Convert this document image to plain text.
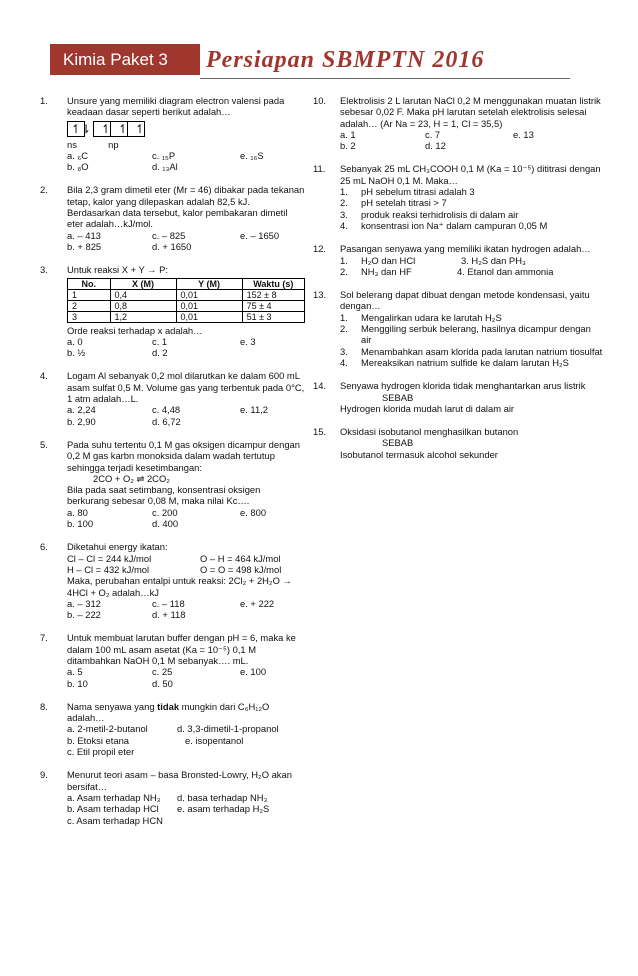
Kimia Paket 3 Persiapan SBMPTN 2016
1. Unsure yang memiliki diagram electron valensi pada keadaan dasar seperti berikut adalah…
↿⇂ ↿ ↿ ↿
ns            np
a. ₆C	c. ₁₅P	e. ₁₆S
b. ₈O	d. ₁₃Al
2. Bila 2,3 gram dimetil eter (Mr = 46) dibakar pada tekanan tetap, kalor yang dilepaskan adalah 82,5 kJ. Berdasarkan data tersebut, kalor pembakaran dimetil eter adalah…kJ/mol.
a. – 413	c. – 825	e. – 1650
b. + 825	d. + 1650
3. Untuk reaksi X + Y → P:
No.	X (M)	Y (M)	Waktu (s)
1	0,4	0,01	152 ± 8
2	0,8	0,01	75 ± 4
3	1,2	0,01	51 ± 3
Orde reaksi terhadap x adalah…
a. 0	c. 1	e. 3
b. ½	d. 2
4. Logam Al sebanyak 0,2 mol dilarutkan ke dalam 600 mL asam sulfat 0,5 M. Volume gas yang terbentuk pada 0°C, 1 atm adalah…L.
a. 2,24	c. 4,48	e. 11,2
b. 2,90	d. 6,72
5. Pada suhu tertentu 0,1 M gas oksigen dicampur dengan 0,2 M gas karbn monoksida dalam wadah tertutup sehingga terjadi kesetimbangan:
2CO + O₂ ⇌ 2CO₂
Bila pada saat setimbang, konsentrasi oksigen berkurang sebesar 0,08 M, maka nilai Kc….
a. 80	c. 200	e. 800
b. 100	d. 400
6. Diketahui energy ikatan:
Cl – Cl = 244 kJ/mol	O – H = 464 kJ/mol
H – Cl = 432 kJ/mol	O = O = 498 kJ/mol
Maka, perubahan entalpi untuk reaksi: 2Cl₂ + 2H₂O → 4HCl + O₂ adalah…kJ
a. – 312	c. – 118	e. + 222
b. – 222	d. + 118
7. Untuk membuat larutan buffer dengan pH = 6, maka ke dalam 100 mL asam asetat (Ka = 10⁻⁵) 0,1 M ditambahkan NaOH 0,1 M sebanyak…. mL.
a. 5	c. 25	e. 100
b. 10	d. 50
8. Nama senyawa yang tidak mungkin dari C₆H₁₂O adalah…
a. 2-metil-2-butanol	d. 3,3-dimetil-1-propanol
b. Etoksi etana	e. isopentanol
c. Etil propil eter
9. Menurut teori asam – basa Bronsted-Lowry, H₂O akan bersifat…
a. Asam terhadap NH₃	d. basa terhadap NH₃
b. Asam terhadap HCl	e. asam terhadap H₂S
c. Asam terhadap HCN
10. Elektrolisis 2 L larutan NaCl 0,2 M menggunakan muatan listrik sebesar 0,02 F. Maka pH larutan setelah elektrolisis selesai adalah… (Ar Na = 23, H = 1, Cl = 35,5)
a. 1	c. 7	e. 13
b. 2	d. 12
11. Sebanyak 25 mL CH₃COOH 0,1 M (Ka = 10⁻⁵) dititrasi dengan 25 mL NaOH 0,1 M. Maka…
1.	pH sebelum titrasi adalah 3
2.	pH setelah titrasi > 7
3.	produk reaksi terhidrolisis di dalam air
4.	konsentrasi ion Na⁺ dalam campuran 0,05 M
12. Pasangan senyawa yang memiliki ikatan hydrogen adalah…
1.	H₂O dan HCl	3. H₂S dan PH₃
2.	NH₃ dan HF	4. Etanol dan ammonia
13. Sol belerang dapat dibuat dengan metode kondensasi, yaitu dengan…
1.	Mengalirkan udara ke larutah H₂S
2.	Menggiling serbuk belerang, hasilnya dicampur dengan air
3.	Menambahkan asam klorida pada larutan natrium tiosulfat
4.	Mereaksikan natrium sulfide ke dalam larutan H₂S
14. Senyawa hydrogen klorida tidak menghantarkan arus listrik
SEBAB
Hydrogen klorida mudah larut di dalam air
15. Oksidasi isobutanol menghasilkan butanon
SEBAB
Isobutanol termasuk alcohol sekunder
